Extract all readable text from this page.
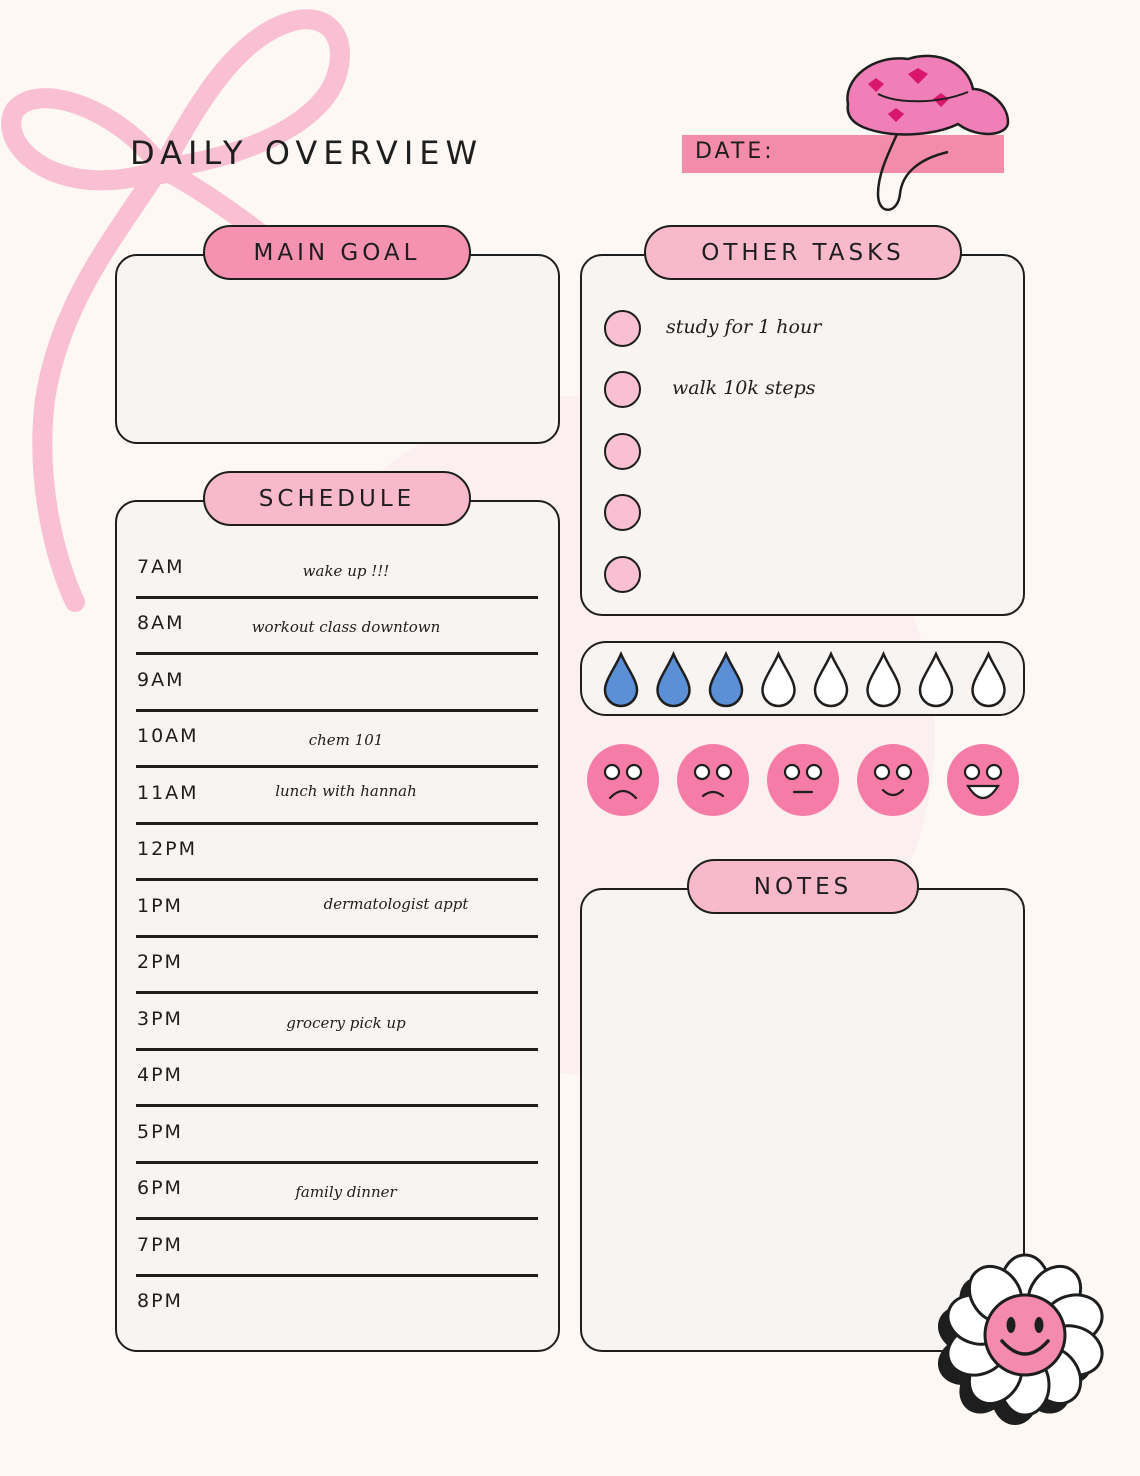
DAILY OVERVIEW	DATE:
MAIN GOAL
SCHEDULE
7AM	wake up !!!
8AM	workout class downtown
9AM
10AM	chem 101
11AM	lunch with hannah
12PM
1PM	dermatologist appt
2PM
3PM	grocery pick up
4PM
5PM
6PM	family dinner
7PM
8PM
OTHER TASKS
study for 1 hour
walk 10k steps
NOTES
